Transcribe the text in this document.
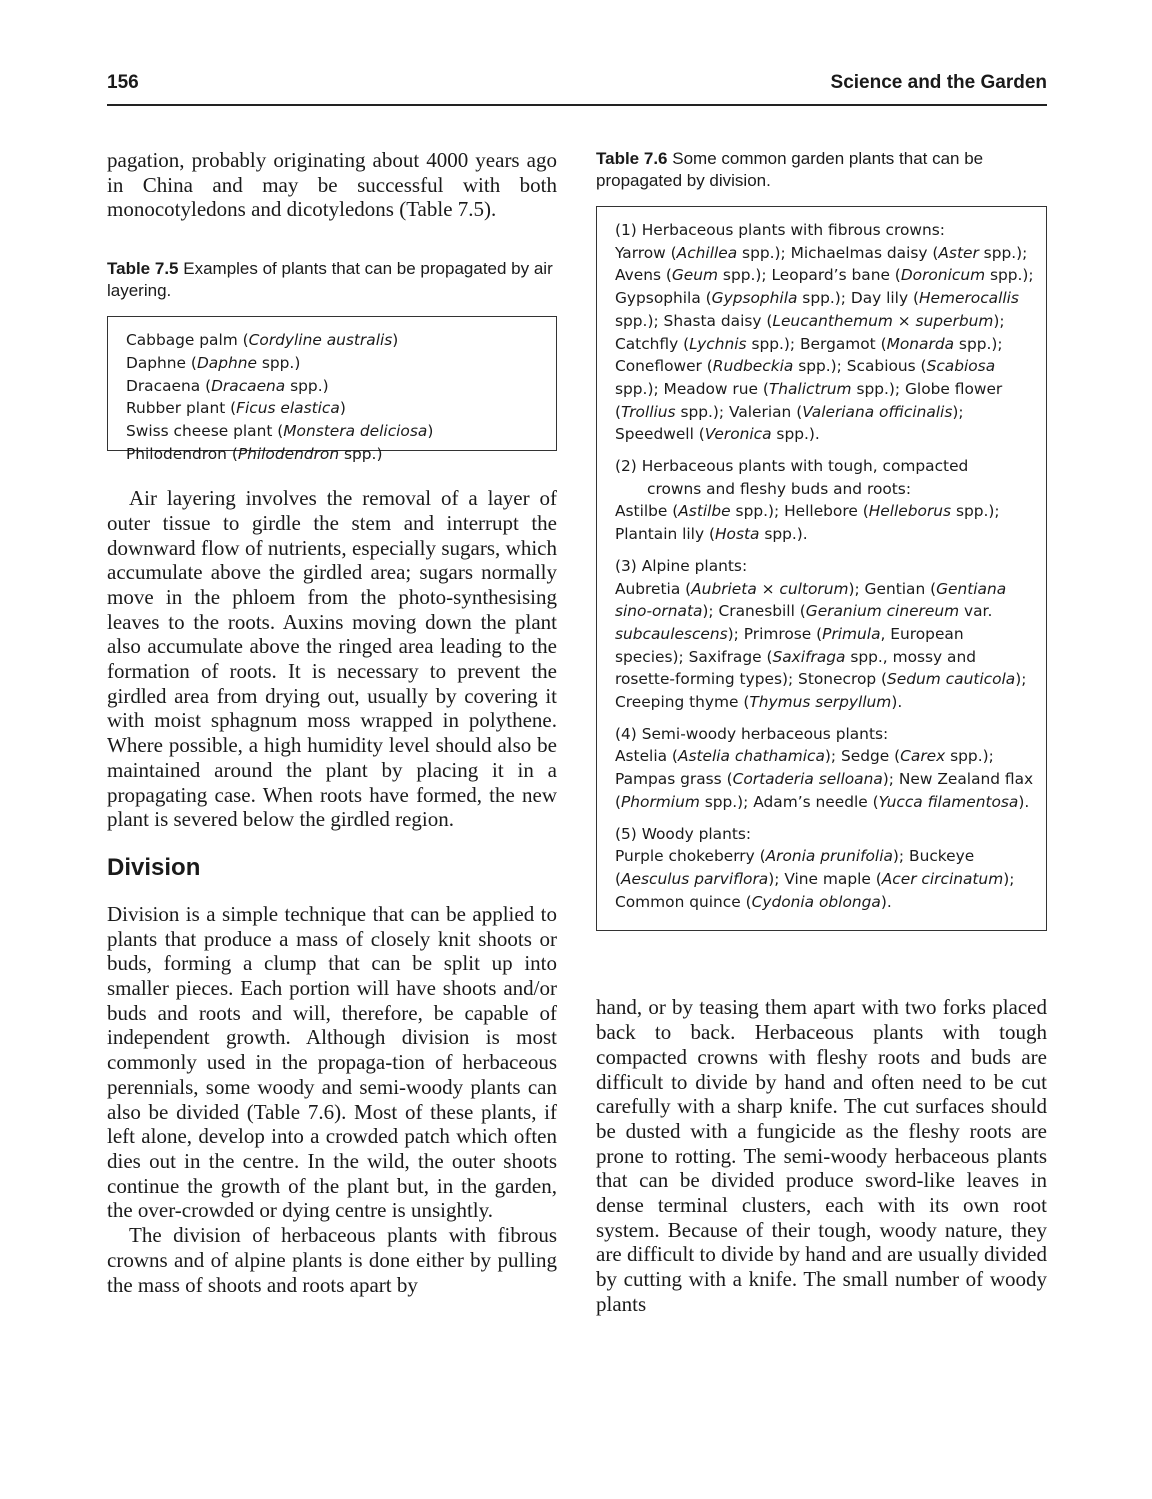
156	Science and the Garden

pagation, probably originating about 4000 years ago in China and may be successful with both monocotyledons and dicotyledons (Table 7.5).

Table 7.5 Examples of plants that can be propagated by air layering.

Cabbage palm (Cordyline australis)
Daphne (Daphne spp.)
Dracaena (Dracaena spp.)
Rubber plant (Ficus elastica)
Swiss cheese plant (Monstera deliciosa)
Philodendron (Philodendron spp.)

Air layering involves the removal of a layer of outer tissue to girdle the stem and interrupt the downward flow of nutrients, especially sugars, which accumulate above the girdled area; sugars normally move in the phloem from the photo-synthesising leaves to the roots. Auxins moving down the plant also accumulate above the ringed area leading to the formation of roots. It is necessary to prevent the girdled area from drying out, usually by covering it with moist sphagnum moss wrapped in polythene. Where possible, a high humidity level should also be maintained around the plant by placing it in a propagating case. When roots have formed, the new plant is severed below the girdled region.

Division

Division is a simple technique that can be applied to plants that produce a mass of closely knit shoots or buds, forming a clump that can be split up into smaller pieces. Each portion will have shoots and/or buds and roots and will, therefore, be capable of independent growth. Although division is most commonly used in the propaga-tion of herbaceous perennials, some woody and semi-woody plants can also be divided (Table 7.6). Most of these plants, if left alone, develop into a crowded patch which often dies out in the centre. In the wild, the outer shoots continue the growth of the plant but, in the garden, the over-crowded or dying centre is unsightly.

The division of herbaceous plants with fibrous crowns and of alpine plants is done either by pulling the mass of shoots and roots apart by

Table 7.6 Some common garden plants that can be propagated by division.

(1) Herbaceous plants with fibrous crowns:
Yarrow (Achillea spp.); Michaelmas daisy (Aster spp.); Avens (Geum spp.); Leopard’s bane (Doronicum spp.); Gypsophila (Gypsophila spp.); Day lily (Hemerocallis spp.); Shasta daisy (Leucanthemum × superbum); Catchfly (Lychnis spp.); Bergamot (Monarda spp.); Coneflower (Rudbeckia spp.); Scabious (Scabiosa spp.); Meadow rue (Thalictrum spp.); Globe flower (Trollius spp.); Valerian (Valeriana officinalis); Speedwell (Veronica spp.).
(2) Herbaceous plants with tough, compacted
crowns and fleshy buds and roots:
Astilbe (Astilbe spp.); Hellebore (Helleborus spp.); Plantain lily (Hosta spp.).
(3) Alpine plants:
Aubretia (Aubrieta × cultorum); Gentian (Gentiana sino-ornata); Cranesbill (Geranium cinereum var. subcaulescens); Primrose (Primula, European species); Saxifrage (Saxifraga spp., mossy and rosette-forming types); Stonecrop (Sedum cauticola); Creeping thyme (Thymus serpyllum).
(4) Semi-woody herbaceous plants:
Astelia (Astelia chathamica); Sedge (Carex spp.); Pampas grass (Cortaderia selloana); New Zealand flax (Phormium spp.); Adam’s needle (Yucca filamentosa).
(5) Woody plants:
Purple chokeberry (Aronia prunifolia); Buckeye (Aesculus parviflora); Vine maple (Acer circinatum); Common quince (Cydonia oblonga).

hand, or by teasing them apart with two forks placed back to back. Herbaceous plants with tough compacted crowns with fleshy roots and buds are difficult to divide by hand and often need to be cut carefully with a sharp knife. The cut surfaces should be dusted with a fungicide as the fleshy roots are prone to rotting. The semi-woody herbaceous plants that can be divided produce sword-like leaves in dense terminal clusters, each with its own root system. Because of their tough, woody nature, they are difficult to divide by hand and are usually divided by cutting with a knife. The small number of woody plants
